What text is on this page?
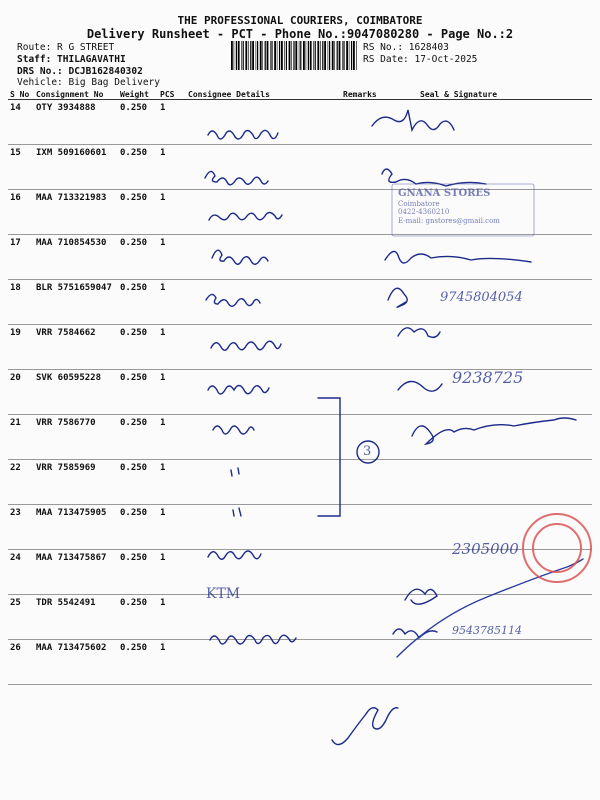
THE PROFESSIONAL COURIERS, COIMBATORE
Delivery Runsheet - PCT - Phone No.:9047080280 - Page No.:2
Route: R G STREET
Staff: THILAGAVATHI
DRS No.: DCJB162840302
Vehicle: Big Bag Delivery
RS No.: 1628403
RS Date: 17-Oct-2025
S No	Consignment No	Weight	PCS	Consignee Details	Remarks	Seal & Signature
14	OTY 3934888	0.250	1			
15	IXM 509160601	0.250	1			
16	MAA 713321983	0.250	1			
17	MAA 710854530	0.250	1			
18	BLR 5751659047	0.250	1			
19	VRR 7584662	0.250	1			
20	SVK 60595228	0.250	1			
21	VRR 7586770	0.250	1			
22	VRR 7585969	0.250	1			
23	MAA 713475905	0.250	1			
24	MAA 713475867	0.250	1			
25	TDR 5542491	0.250	1			
26	MAA 713475602	0.250	1			
9745804054
9238725
2305000
9543785114
KTM
3
GNANA STORES
Coimbatore
0422-4360210
E-mail: gnstores@gmail.com
